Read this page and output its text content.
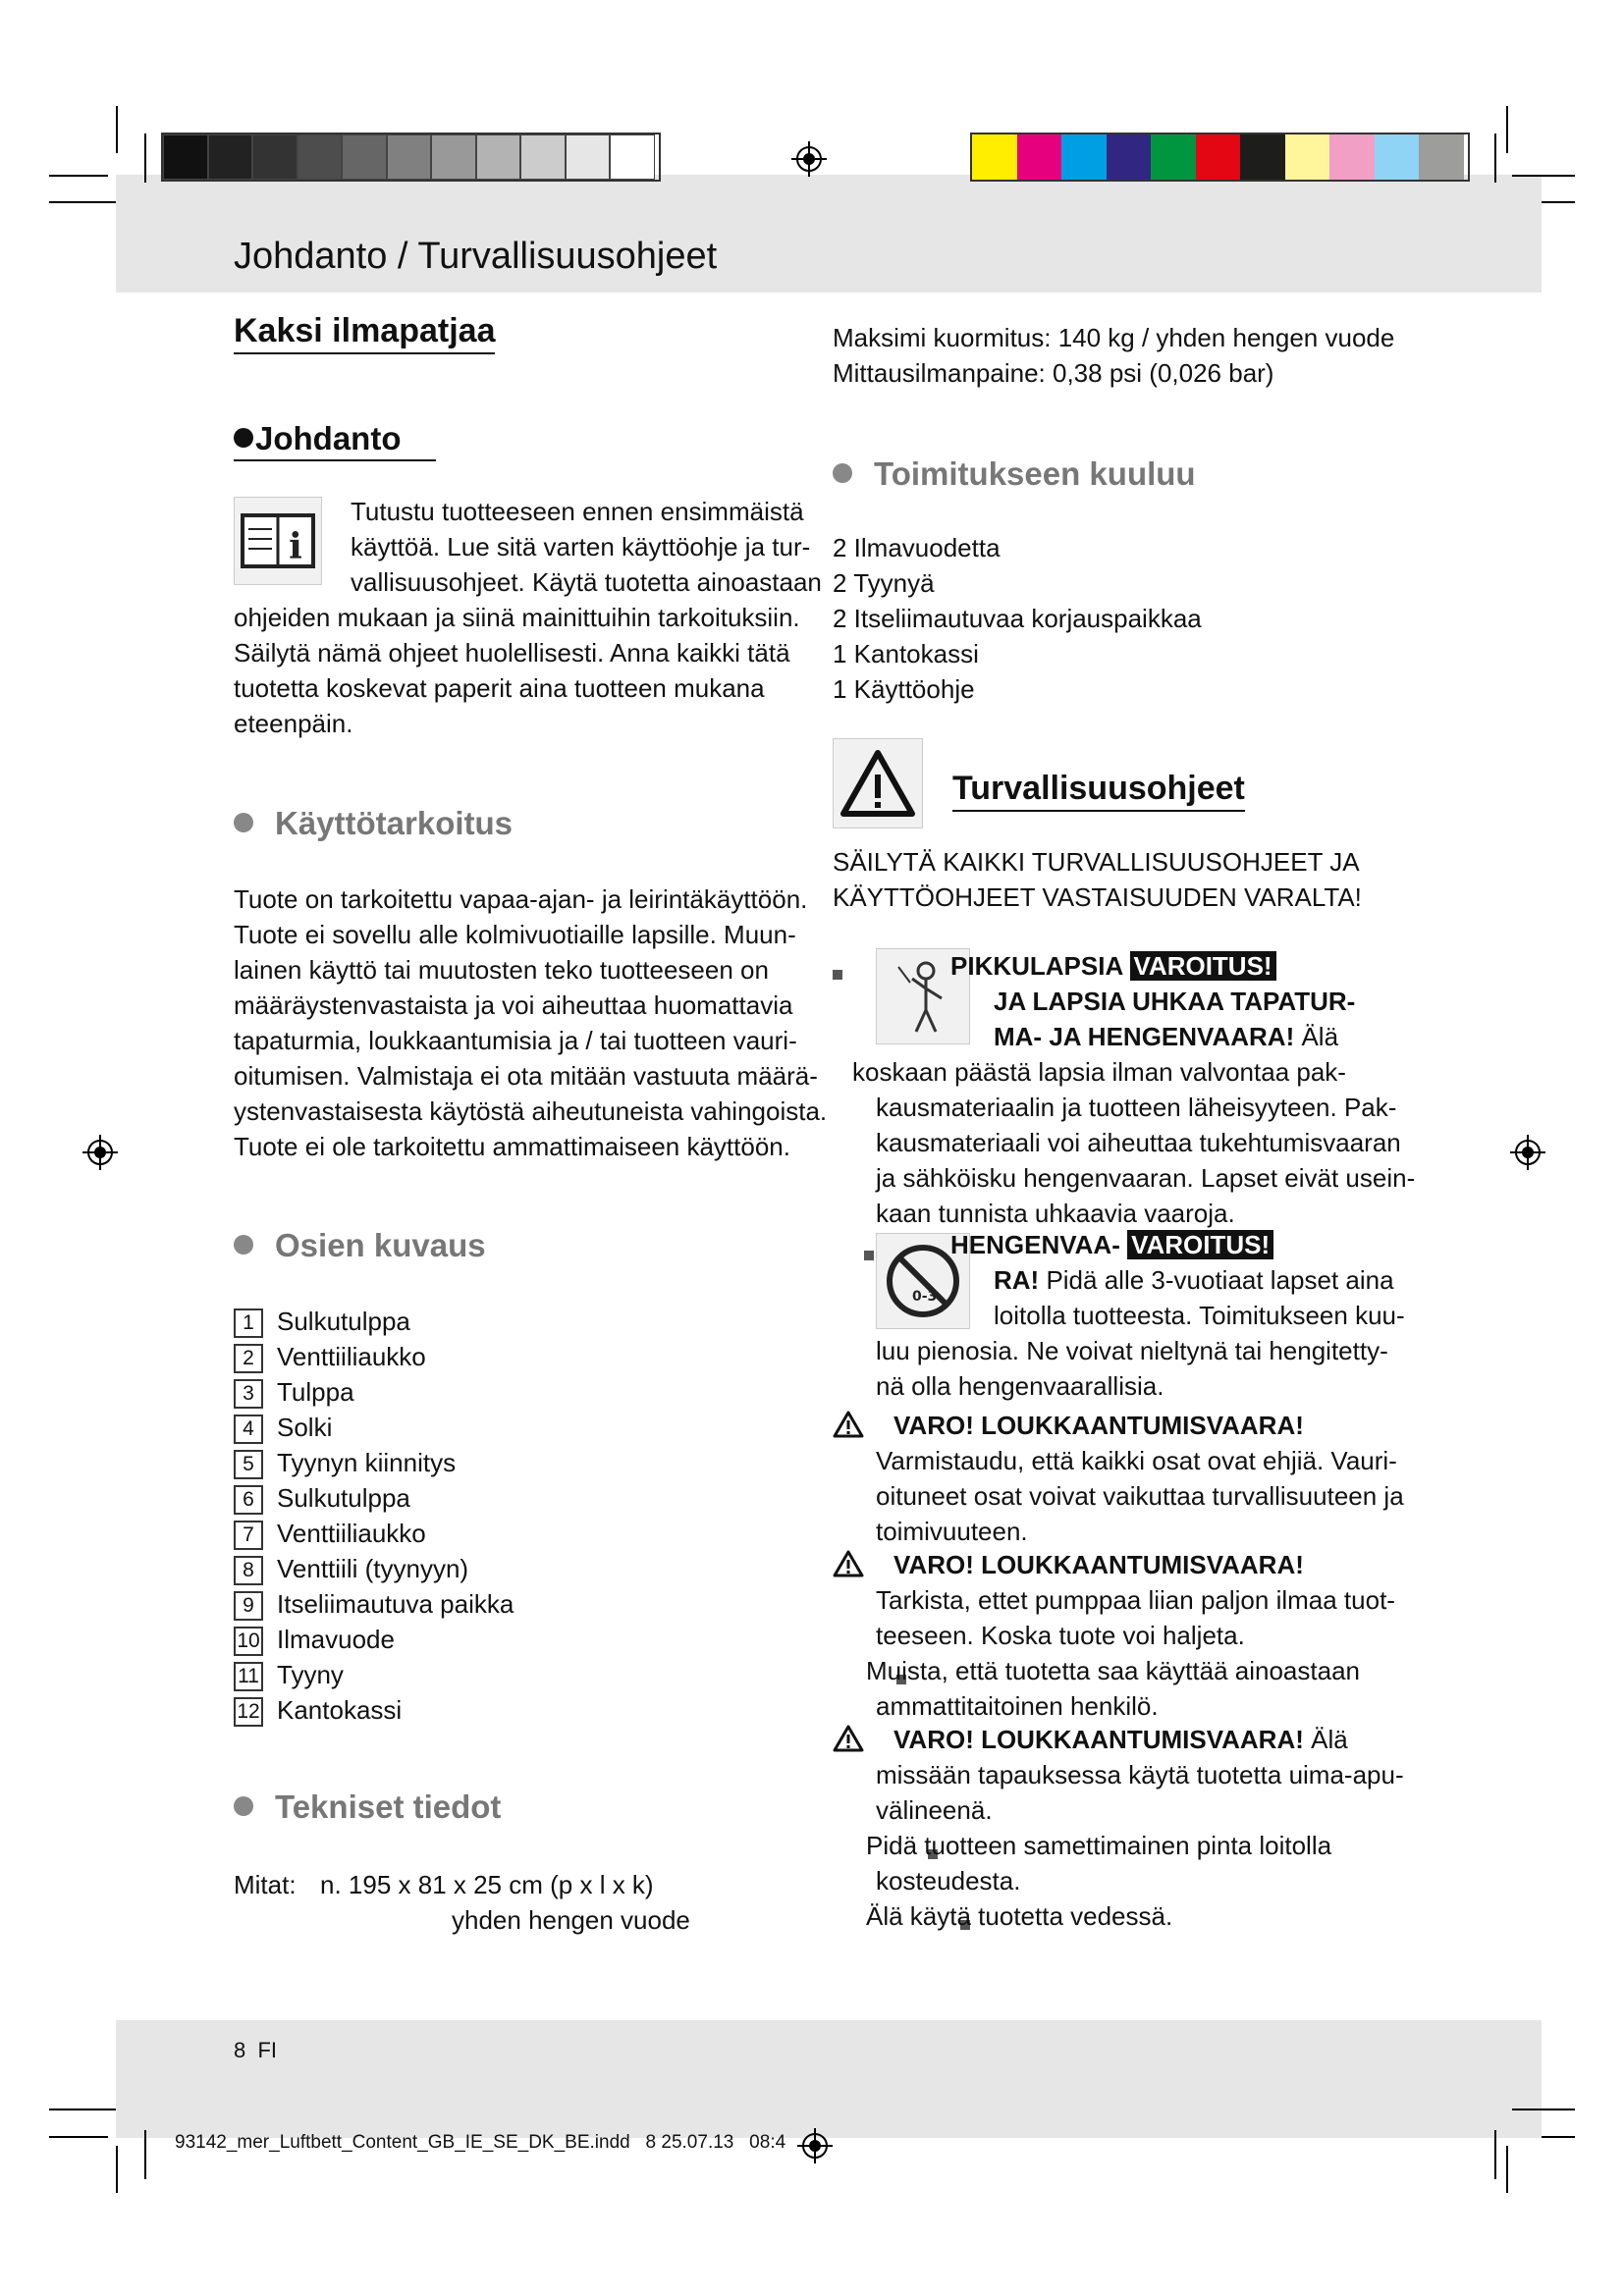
Johdanto / Turvallisuusohjeet
Kaksi ilmapatjaa
Johdanto
i
Tutustu tuotteeseen ennen ensimmäistä
käyttöä. Lue sitä varten käyttöohje ja tur-
vallisuusohjeet. Käytä tuotetta ainoastaan
ohjeiden mukaan ja siinä mainittuihin tarkoituksiin.
Säilytä nämä ohjeet huolellisesti. Anna kaikki tätä
tuotetta koskevat paperit aina tuotteen mukana
eteenpäin.
Käyttötarkoitus
Tuote on tarkoitettu vapaa-ajan- ja leirintäkäyttöön.
Tuote ei sovellu alle kolmivuotiaille lapsille. Muun-
lainen käyttö tai muutosten teko tuotteeseen on
määräystenvastaista ja voi aiheuttaa huomattavia
tapaturmia, loukkaantumisia ja / tai tuotteen vauri-
oitumisen. Valmistaja ei ota mitään vastuuta määrä-
ystenvastaisesta käytöstä aiheutuneista vahingoista.
Tuote ei ole tarkoitettu ammattimaiseen käyttöön.
Osien kuvaus
1 Sulkutulppa
2 Venttiiliaukko
3 Tulppa
4 Solki
5 Tyynyn kiinnitys
6 Sulkutulppa
7 Venttiiliaukko
8 Venttiili (tyynyyn)
9 Itseliimautuva paikka
10 Ilmavuode
11 Tyyny
12 Kantokassi
Tekniset tiedot
Mitat: n. 195 x 81 x 25 cm (p x l x k)
yhden hengen vuode
Maksimi kuormitus: 140 kg / yhden hengen vuode
Mittausilmanpaine: 0,38 psi (0,026 bar)
Toimitukseen kuuluu
2 Ilmavuodetta
2 Tyynyä
2 Itseliimautuvaa korjauspaikkaa
1 Kantokassi
1 Käyttöohje
Turvallisuusohjeet
SÄILYTÄ KAIKKI TURVALLISUUSOHJEET JA
KÄYTTÖOHJEET VASTAISUUDEN VARALTA!

PIKKULAPSIA VAROITUS!
JA LAPSIA UHKAA TAPATUR-
MA- JA HENGENVAARA! Älä
koskaan päästä lapsia ilman valvontaa pak-
kausmateriaalin ja tuotteen läheisyyteen. Pak-
kausmateriaali voi aiheuttaa tukehtumisvaaran
ja sähköisku hengenvaaran. Lapset eivät usein-
kaan tunnista uhkaavia vaaroja.

0-3
HENGENVAA- VAROITUS!
RA! Pidä alle 3-vuotiaat lapset aina
loitolla tuotteesta. Toimitukseen kuu-
luu pienosia. Ne voivat nieltynä tai hengitetty-
nä olla hengenvaarallisia.
VARO! LOUKKAANTUMISVAARA!
Varmistaudu, että kaikki osat ovat ehjiä. Vauri-
oituneet osat voivat vaikuttaa turvallisuuteen ja
toimivuuteen.
VARO! LOUKKAANTUMISVAARA!
Tarkista, ettet pumppaa liian paljon ilmaa tuot-
teeseen. Koska tuote voi haljeta.

Muista, että tuotetta saa käyttää ainoastaan
ammattitaitoinen henkilö.
VARO! LOUKKAANTUMISVAARA! Älä
missään tapauksessa käytä tuotetta uima-apu-
välineenä.

Pidä tuotteen samettimainen pinta loitolla
kosteudesta.
Älä käytä tuotetta vedessä.
8 FI
93142_mer_Luftbett_Content_GB_IE_SE_DK_BE.indd   8 25.07.13   08:4
